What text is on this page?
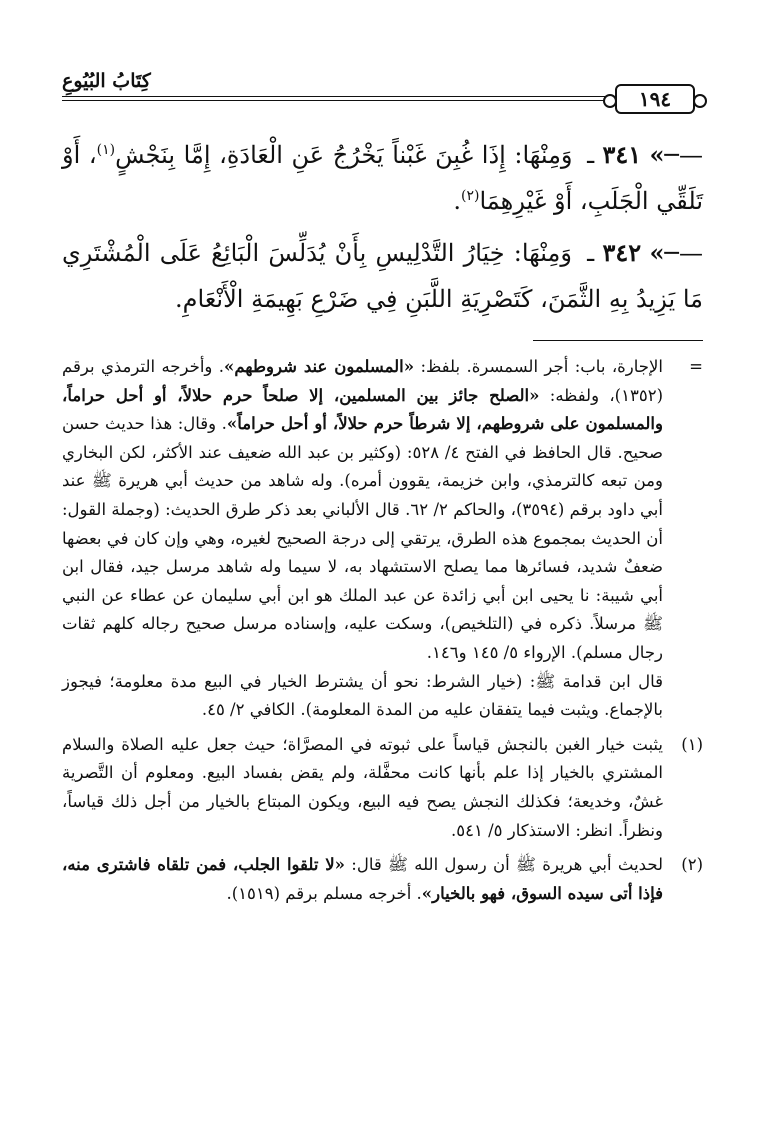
١٩٤
كِتَابُ البُيُوعِ

—─» ٣٤١ ـ وَمِنْهَا: إِذَا غُبِنَ غَبْناً يَخْرُجُ عَنِ الْعَادَةِ، إِمَّا بِنَجْشٍ$^{(١)}$، أَوْ تَلَقِّي الْجَلَبِ، أَوْ غَيْرِهِمَا$^{(٢)}$.

—─» ٣٤٢ ـ وَمِنْهَا: خِيَارُ التَّدْلِيسِ بِأَنْ يُدَلِّسَ الْبَائِعُ عَلَى الْمُشْتَرِي مَا يَزِيدُ بِهِ الثَّمَنَ، كَتَصْرِيَةِ اللَّبَنِ فِي ضَرْعِ بَهِيمَةِ الْأَنْعَامِ.

=

الإجارة، باب: أجر السمسرة. بلفظ: «المسلمون عند شروطهم». وأخرجه الترمذي برقم (١٣٥٢)، ولفظه: «الصلح جائز بين المسلمين، إلا صلحاً حرم حلالاً، أو أحل حراماً، والمسلمون على شروطهم، إلا شرطاً حرم حلالاً، أو أحل حراماً». وقال: هذا حديث حسن صحيح. قال الحافظ في الفتح ٤/ ٥٢٨: (وكثير بن عبد الله ضعيف عند الأكثر، لكن البخاري ومن تبعه كالترمذي، وابن خزيمة، يقوون أمره). وله شاهد من حديث أبي هريرة ﷺ عند أبي داود برقم (٣٥٩٤)، والحاكم ٢/ ٦٢. قال الألباني بعد ذكر طرق الحديث: (وجملة القول: أن الحديث بمجموع هذه الطرق، يرتقي إلى درجة الصحيح لغيره، وهي وإن كان في بعضها ضعفٌ شديد، فسائرها مما يصلح الاستشهاد به، لا سيما وله شاهد مرسل جيد، فقال ابن أبي شيبة: نا يحيى ابن أبي زائدة عن عبد الملك هو ابن أبي سليمان عن عطاء عن النبي ﷺ مرسلاً. ذكره في (التلخيص)، وسكت عليه، وإسناده مرسل صحيح رجاله كلهم ثقات رجال مسلم). الإرواء ٥/ ١٤٥ و١٤٦.

قال ابن قدامة ﷺ: (خيار الشرط: نحو أن يشترط الخيار في البيع مدة معلومة؛ فيجوز بالإجماع. ويثبت فيما يتفقان عليه من المدة المعلومة). الكافي ٢/ ٤٥.

(١)

يثبت خيار الغبن بالنجش قياساً على ثبوته في المصرَّاة؛ حيث جعل عليه الصلاة والسلام المشتري بالخيار إذا علم بأنها كانت محفَّلة، ولم يقض بفساد البيع. ومعلوم أن التَّصرية غشٌ، وخديعة؛ فكذلك النجش يصح فيه البيع، ويكون المبتاع بالخيار من أجل ذلك قياساً، ونظراً. انظر: الاستذكار ٥/ ٥٤١.

(٢)

لحديث أبي هريرة ﷺ أن رسول الله ﷺ قال: «لا تلقوا الجلب، فمن تلقاه فاشترى منه، فإذا أتى سيده السوق، فهو بالخيار». أخرجه مسلم برقم (١٥١٩).
